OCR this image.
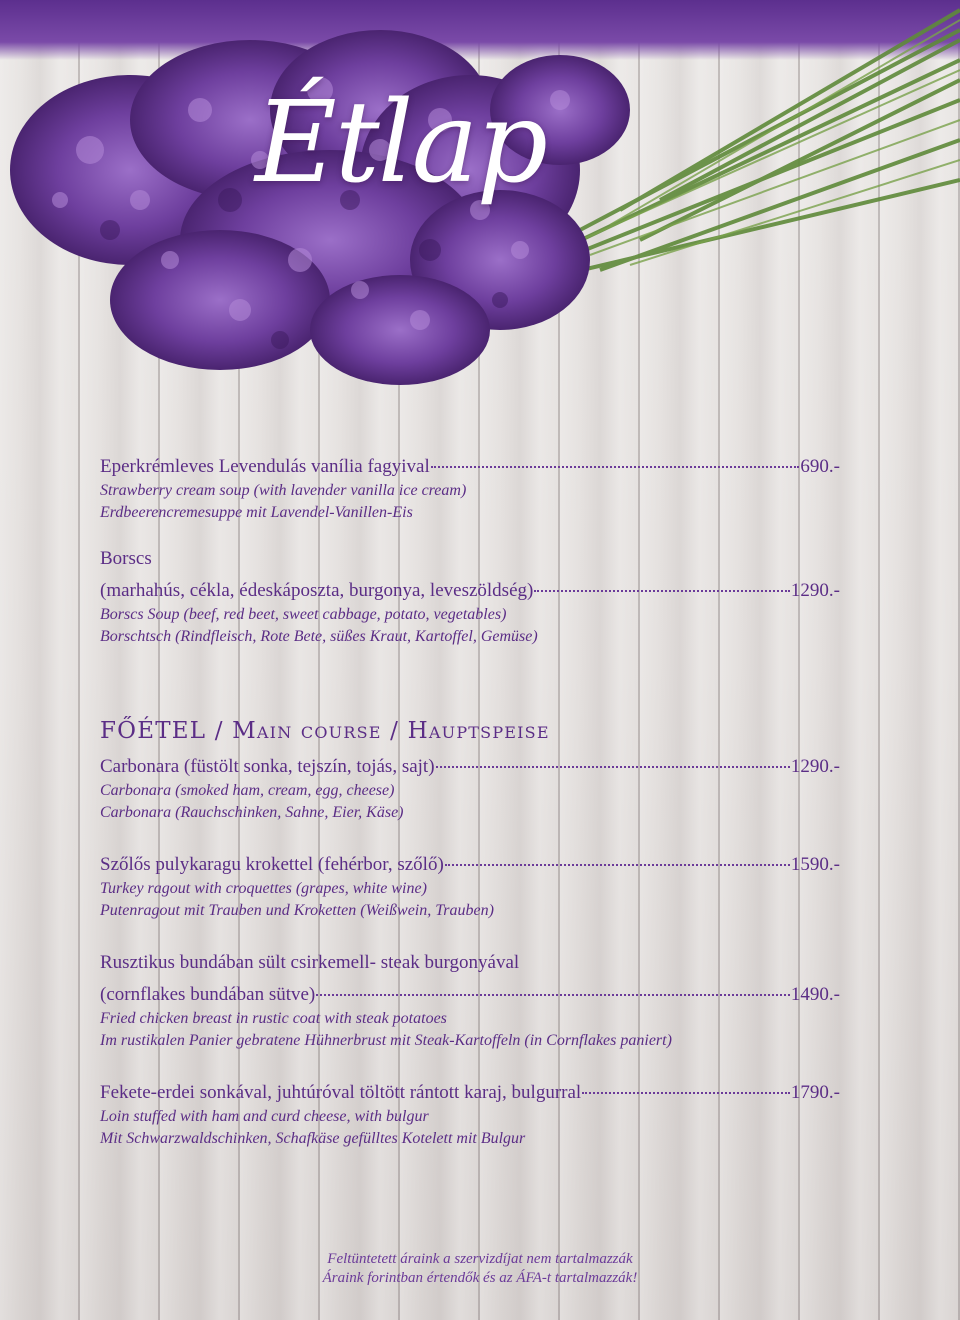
Étlap
Eperkrémleves Levendulás vanília fagyival	690.-
Strawberry cream soup (with lavender vanilla ice cream)
Erdbeerencremesuppe mit Lavendel-Vanillen-Eis
Borscs
(marhahús, cékla, édeskáposzta, burgonya, leveszöldség)	1290.-
Borscs Soup (beef, red beet, sweet cabbage, potato, vegetables)
Borschtsch (Rindfleisch, Rote Bete, süßes Kraut, Kartoffel, Gemüse)
FŐÉTEL / Main course / Hauptspeise
Carbonara (füstölt sonka, tejszín, tojás, sajt)	1290.-
Carbonara (smoked ham, cream, egg, cheese)
Carbonara (Rauchschinken, Sahne, Eier, Käse)
Szőlős pulykaragu krokettel (fehérbor, szőlő)	1590.-
Turkey ragout with croquettes (grapes, white wine)
Putenragout mit Trauben und Kroketten (Weißwein, Trauben)
Rusztikus bundában sült csirkemell- steak burgonyával
(cornflakes bundában sütve)	1490.-
Fried chicken breast in rustic coat with steak potatoes
Im rustikalen Panier gebratene Hühnerbrust mit Steak-Kartoffeln (in Cornflakes paniert)
Fekete-erdei sonkával, juhtúróval töltött rántott karaj, bulgurral	1790.-
Loin stuffed with ham and curd cheese, with bulgur
Mit Schwarzwaldschinken, Schafkäse gefülltes Kotelett mit Bulgur
Feltüntetett áraink a szervizdíjat nem tartalmazzák
Áraink forintban értendők és az ÁFA-t tartalmazzák!
